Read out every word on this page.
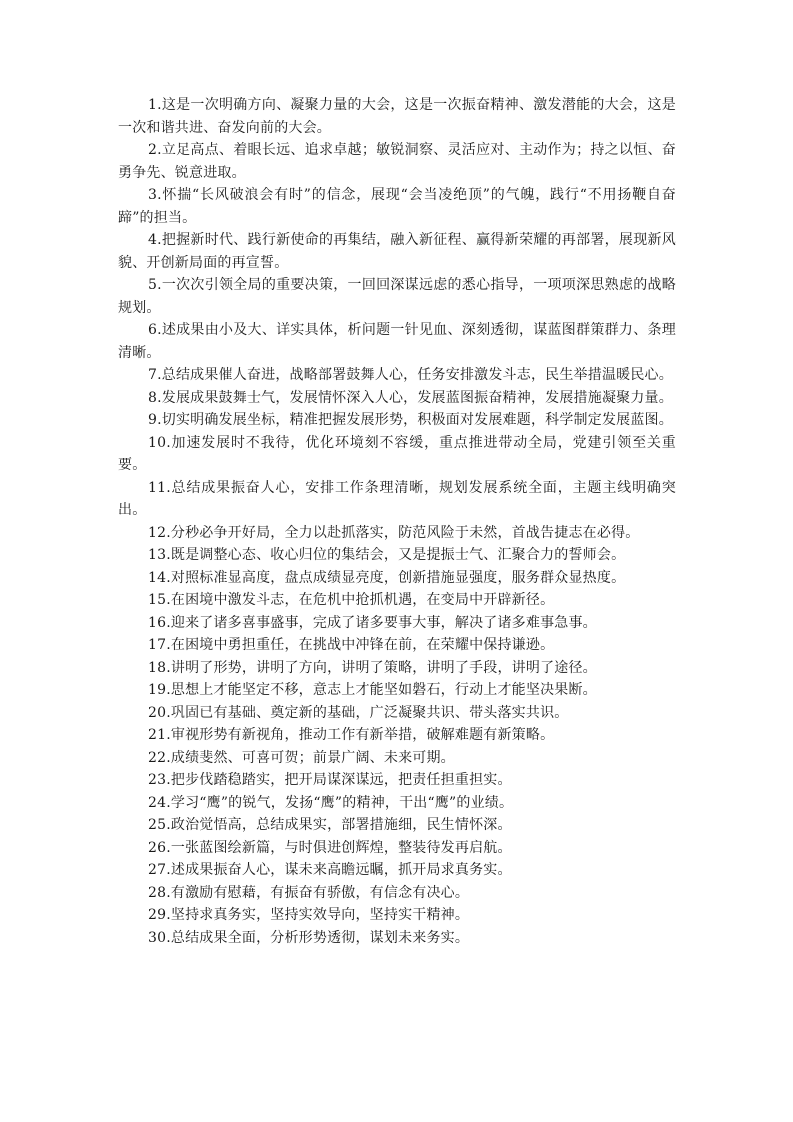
1.这是一次明确方向、凝聚力量的大会，这是一次振奋精神、激发潜能的大会，这是一次和谐共进、奋发向前的大会。

2.立足高点、着眼长远、追求卓越；敏锐洞察、灵活应对、主动作为；持之以恒、奋勇争先、锐意进取。

3.怀揣“长风破浪会有时”的信念，展现“会当凌绝顶”的气魄，践行“不用扬鞭自奋蹄”的担当。

4.把握新时代、践行新使命的再集结，融入新征程、赢得新荣耀的再部署，展现新风貌、开创新局面的再宣誓。

5.一次次引领全局的重要决策，一回回深谋远虑的悉心指导，一项项深思熟虑的战略规划。

6.述成果由小及大、详实具体，析问题一针见血、深刻透彻，谋蓝图群策群力、条理清晰。

7.总结成果催人奋进，战略部署鼓舞人心，任务安排激发斗志，民生举措温暖民心。

8.发展成果鼓舞士气，发展情怀深入人心，发展蓝图振奋精神，发展措施凝聚力量。

9.切实明确发展坐标，精准把握发展形势，积极面对发展难题，科学制定发展蓝图。

10.加速发展时不我待，优化环境刻不容缓，重点推进带动全局，党建引领至关重要。

11.总结成果振奋人心，安排工作条理清晰，规划发展系统全面，主题主线明确突出。

12.分秒必争开好局，全力以赴抓落实，防范风险于未然，首战告捷志在必得。

13.既是调整心态、收心归位的集结会，又是提振士气、汇聚合力的誓师会。

14.对照标准显高度，盘点成绩显亮度，创新措施显强度，服务群众显热度。

15.在困境中激发斗志，在危机中抢抓机遇，在变局中开辟新径。

16.迎来了诸多喜事盛事，完成了诸多要事大事，解决了诸多难事急事。

17.在困境中勇担重任，在挑战中冲锋在前，在荣耀中保持谦逊。

18.讲明了形势，讲明了方向，讲明了策略，讲明了手段，讲明了途径。

19.思想上才能坚定不移，意志上才能坚如磐石，行动上才能坚决果断。

20.巩固已有基础、奠定新的基础，广泛凝聚共识、带头落实共识。

21.审视形势有新视角，推动工作有新举措，破解难题有新策略。

22.成绩斐然、可喜可贺；前景广阔、未来可期。

23.把步伐踏稳踏实，把开局谋深谋远，把责任担重担实。

24.学习“鹰”的锐气，发扬“鹰”的精神，干出“鹰”的业绩。

25.政治觉悟高，总结成果实，部署措施细，民生情怀深。

26.一张蓝图绘新篇，与时俱进创辉煌，整装待发再启航。

27.述成果振奋人心，谋未来高瞻远瞩，抓开局求真务实。

28.有激励有慰藉，有振奋有骄傲，有信念有决心。

29.坚持求真务实，坚持实效导向，坚持实干精神。

30.总结成果全面，分析形势透彻，谋划未来务实。
